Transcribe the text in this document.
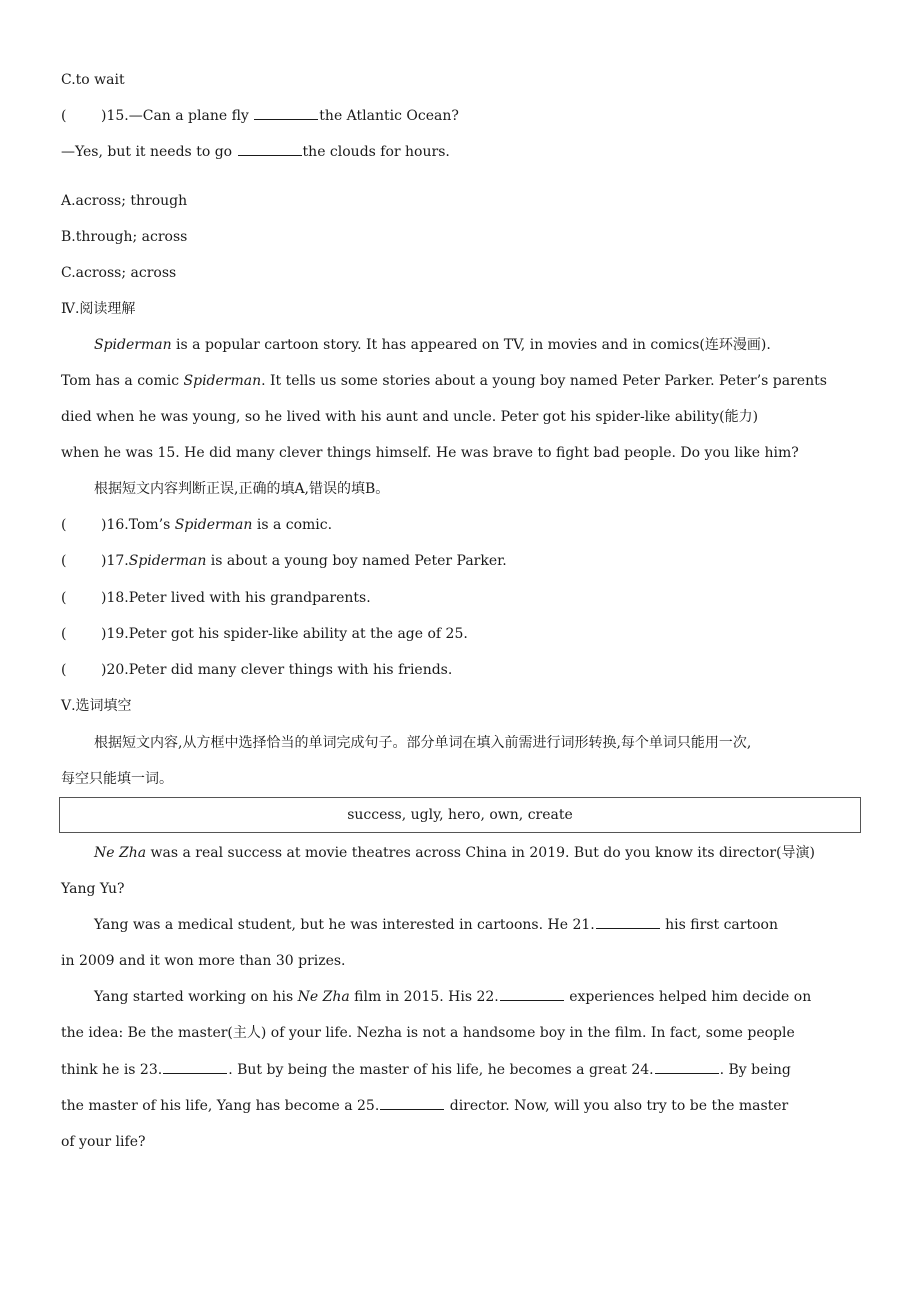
C.to wait
( )15.—Can a plane fly	the Atlantic Ocean?
—Yes, but it needs to go	the clouds for hours.
A.across; through
B.through; across
C.across; across
Ⅳ.阅读理解
Spiderman is a popular cartoon story. It has appeared on TV, in movies and in comics(连环漫画).
Tom has a comic Spiderman. It tells us some stories about a young boy named Peter Parker. Peter’s parents
died when he was young, so he lived with his aunt and uncle. Peter got his spider-like ability(能力)
when he was 15. He did many clever things himself. He was brave to fight bad people. Do you like him?
根据短文内容判断正误,正确的填A,错误的填B。
( )16.Tom’s Spiderman is a comic.
( )17.Spiderman is about a young boy named Peter Parker.
( )18.Peter lived with his grandparents.
( )19.Peter got his spider-like ability at the age of 25.
( )20.Peter did many clever things with his friends.
Ⅴ.选词填空
根据短文内容,从方框中选择恰当的单词完成句子。部分单词在填入前需进行词形转换,每个单词只能用一次,
每空只能填一词。
success, ugly, hero, own, create
Ne Zha was a real success at movie theatres across China in 2019. But do you know its director(导演)
Yang Yu?
Yang was a medical student, but he was interested in cartoons. He 21.	his first cartoon
in 2009 and it won more than 30 prizes.
Yang started working on his Ne Zha film in 2015. His 22.	experiences helped him decide on
the idea: Be the master(主人) of your life. Nezha is not a handsome boy in the film. In fact, some people
think he is 23.	. But by being the master of his life, he becomes a great 24.	. By being
the master of his life, Yang has become a 25.	director. Now, will you also try to be the master
of your life?
